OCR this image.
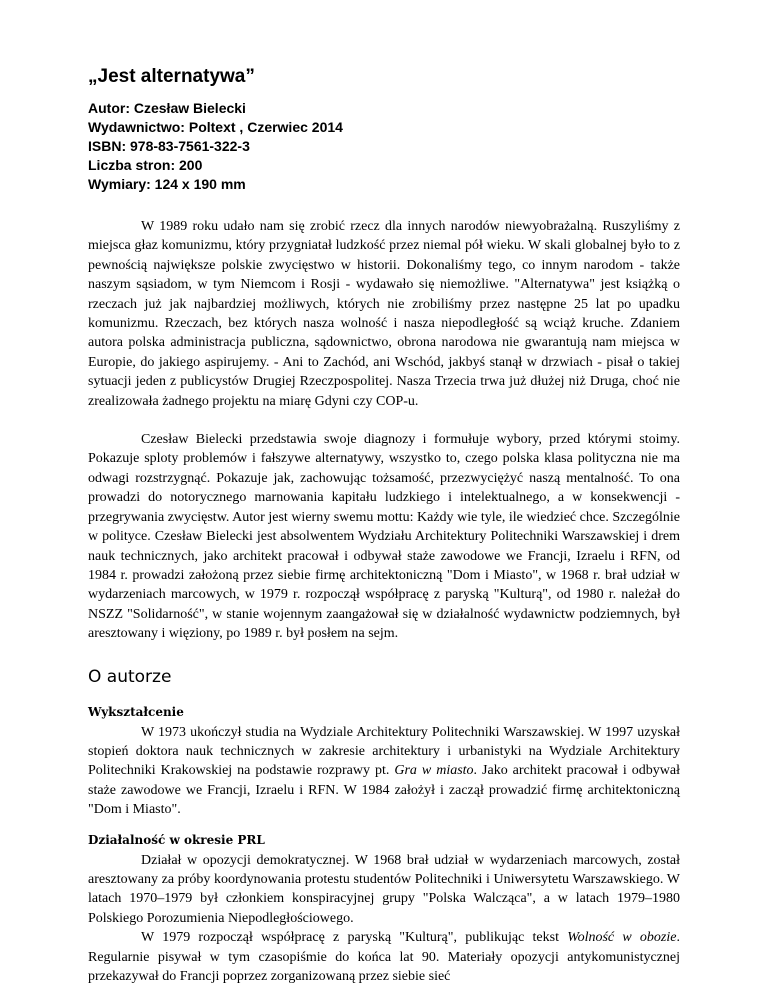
„Jest alternatywa”

Autor: Czesław Bielecki

Wydawnictwo: Poltext , Czerwiec 2014

ISBN: 978-83-7561-322-3

Liczba stron: 200

Wymiary: 124 x 190 mm

W 1989 roku udało nam się zrobić rzecz dla innych narodów niewyobrażalną. Ruszyliśmy z miejsca głaz komunizmu, który przygniatał ludzkość przez niemal pół wieku. W skali globalnej było to z pewnością największe polskie zwycięstwo w historii. Dokonaliśmy tego, co innym narodom - także naszym sąsiadom, w tym Niemcom i Rosji - wydawało się niemożliwe. "Alternatywa" jest książką o rzeczach już jak najbardziej możliwych, których nie zrobiliśmy przez następne 25 lat po upadku komunizmu. Rzeczach, bez których nasza wolność i nasza niepodległość są wciąż kruche. Zdaniem autora polska administracja publiczna, sądownictwo, obrona narodowa nie gwarantują nam miejsca w Europie, do jakiego aspirujemy. - Ani to Zachód, ani Wschód, jakbyś stanął w drzwiach - pisał o takiej sytuacji jeden z publicystów Drugiej Rzeczpospolitej. Nasza Trzecia trwa już dłużej niż Druga, choć nie zrealizowała żadnego projektu na miarę Gdyni czy COP-u.

Czesław Bielecki przedstawia swoje diagnozy i formułuje wybory, przed którymi stoimy. Pokazuje sploty problemów i fałszywe alternatywy, wszystko to, czego polska klasa polityczna nie ma odwagi rozstrzygnąć. Pokazuje jak, zachowując tożsamość, przezwyciężyć naszą mentalność. To ona prowadzi do notorycznego marnowania kapitału ludzkiego i intelektualnego, a w konsekwencji - przegrywania zwycięstw. Autor jest wierny swemu mottu: Każdy wie tyle, ile wiedzieć chce. Szczególnie w polityce. Czesław Bielecki jest absolwentem Wydziału Architektury Politechniki Warszawskiej i drem nauk technicznych, jako architekt pracował i odbywał staże zawodowe we Francji, Izraelu i RFN, od 1984 r. prowadzi założoną przez siebie firmę architektoniczną "Dom i Miasto", w 1968 r. brał udział w wydarzeniach marcowych, w 1979 r. rozpoczął współpracę z paryską "Kulturą", od 1980 r. należał do NSZZ "Solidarność", w stanie wojennym zaangażował się w działalność wydawnictw podziemnych, był aresztowany i więziony, po 1989 r. był posłem na sejm.

O autorze
Wykształcenie

W 1973 ukończył studia na Wydziale Architektury Politechniki Warszawskiej. W 1997 uzyskał stopień doktora nauk technicznych w zakresie architektury i urbanistyki na Wydziale Architektury Politechniki Krakowskiej na podstawie rozprawy pt. Gra w miasto. Jako architekt pracował i odbywał staże zawodowe we Francji, Izraelu i RFN. W 1984 założył i zaczął prowadzić firmę architektoniczną "Dom i Miasto".

Działalność w okresie PRL

Działał w opozycji demokratycznej. W 1968 brał udział w wydarzeniach marcowych, został aresztowany za próby koordynowania protestu studentów Politechniki i Uniwersytetu Warszawskiego. W latach 1970–1979 był członkiem konspiracyjnej grupy "Polska Walcząca", a w latach 1979–1980 Polskiego Porozumienia Niepodległościowego.

W 1979 rozpoczął współpracę z paryską "Kulturą", publikując tekst Wolność w obozie. Regularnie pisywał w tym czasopiśmie do końca lat 90. Materiały opozycji antykomunistycznej przekazywał do Francji poprzez zorganizowaną przez siebie sieć
